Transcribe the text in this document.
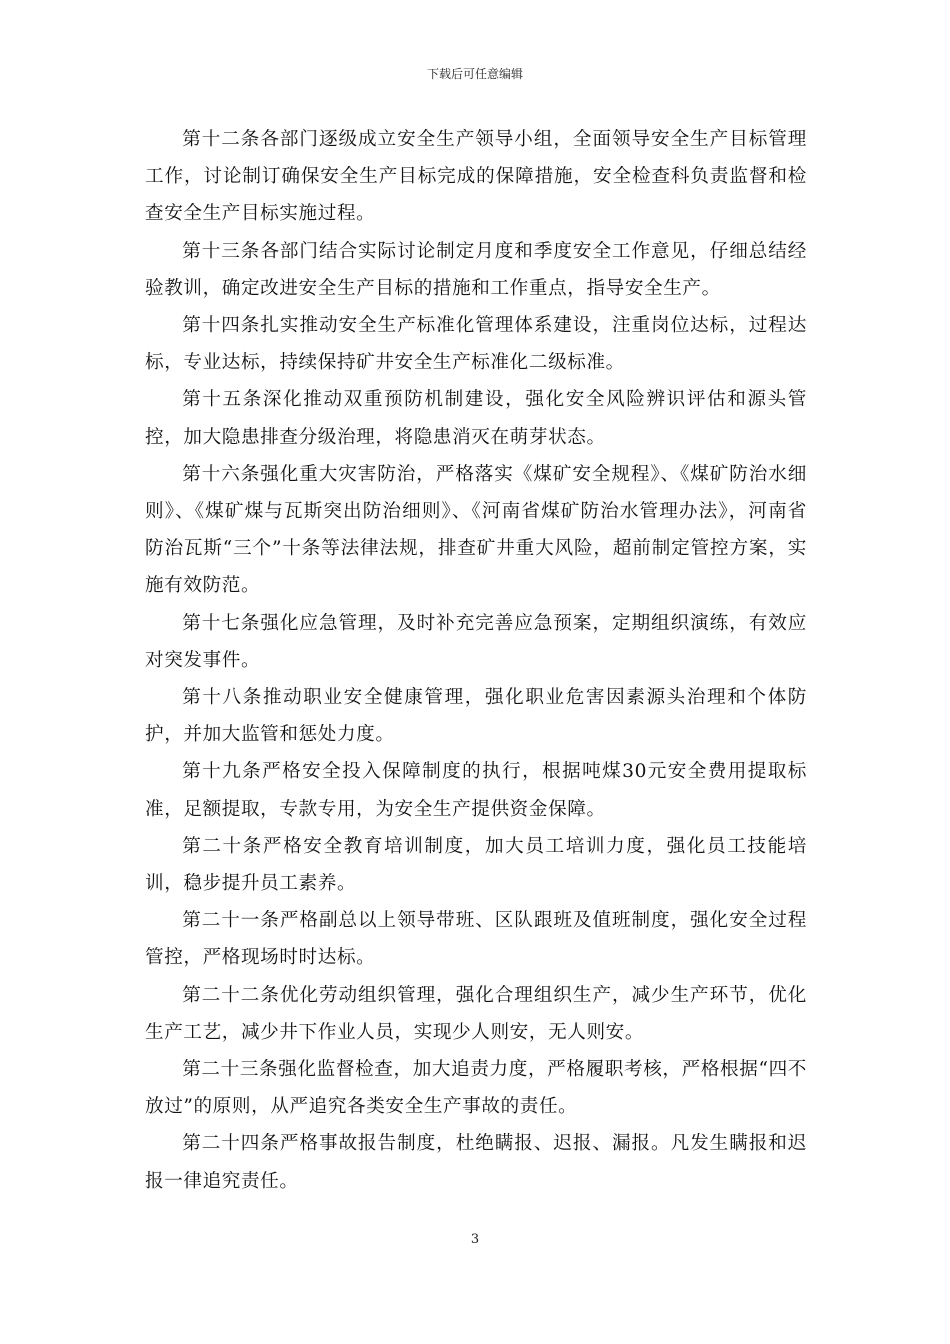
下载后可任意编辑

第十二条各部门逐级成立安全生产领导小组，全面领导安全生产目标管理工作，讨论制订确保安全生产目标完成的保障措施，安全检查科负责监督和检查安全生产目标实施过程。

第十三条各部门结合实际讨论制定月度和季度安全工作意见，仔细总结经验教训，确定改进安全生产目标的措施和工作重点，指导安全生产。

第十四条扎实推动安全生产标准化管理体系建设，注重岗位达标，过程达标，专业达标，持续保持矿井安全生产标准化二级标准。

第十五条深化推动双重预防机制建设，强化安全风险辨识评估和源头管控，加大隐患排查分级治理，将隐患消灭在萌芽状态。

第十六条强化重大灾害防治，严格落实《煤矿安全规程》、《煤矿防治水细则》、《煤矿煤与瓦斯突出防治细则》、《河南省煤矿防治水管理办法》，河南省防治瓦斯“三个”十条等法律法规，排查矿井重大风险，超前制定管控方案，实施有效防范。

第十七条强化应急管理，及时补充完善应急预案，定期组织演练，有效应对突发事件。

第十八条推动职业安全健康管理，强化职业危害因素源头治理和个体防护，并加大监管和惩处力度。

第十九条严格安全投入保障制度的执行，根据吨煤30元安全费用提取标准，足额提取，专款专用，为安全生产提供资金保障。

第二十条严格安全教育培训制度，加大员工培训力度，强化员工技能培训，稳步提升员工素养。

第二十一条严格副总以上领导带班、区队跟班及值班制度，强化安全过程管控，严格现场时时达标。

第二十二条优化劳动组织管理，强化合理组织生产，减少生产环节，优化生产工艺，减少井下作业人员，实现少人则安，无人则安。

第二十三条强化监督检查，加大追责力度，严格履职考核，严格根据“四不放过”的原则，从严追究各类安全生产事故的责任。

第二十四条严格事故报告制度，杜绝瞒报、迟报、漏报。凡发生瞒报和迟报一律追究责任。

3
